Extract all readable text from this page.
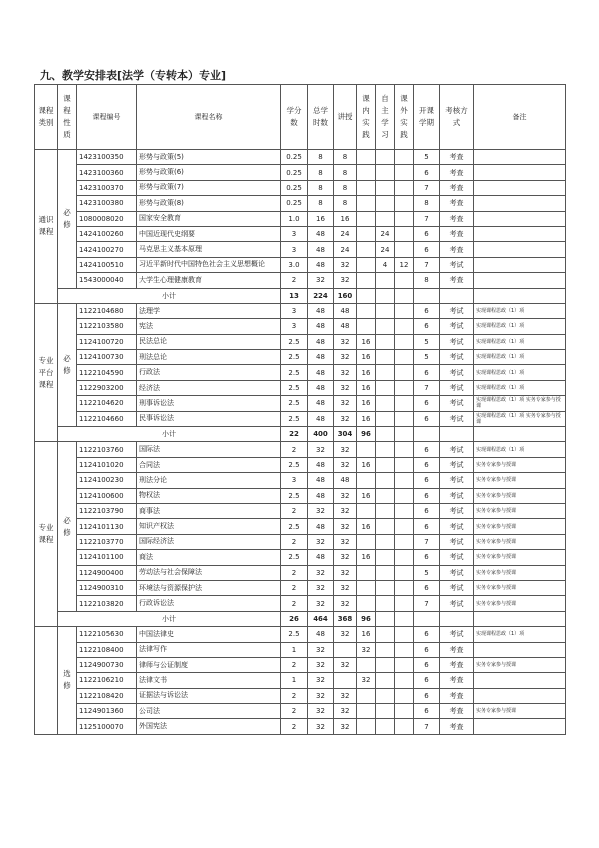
九、教学安排表[法学（专转本）专业]
课程类别	课程性质	课程编号	课程名称	学分数	总学时数	讲授	课内实践	自主学习	课外实践	开课学期	考核方式	备注
通识课程	必修	1423100350	形势与政策(5)	0.25	8	8				5	考查	
		1423100360	形势与政策(6)	0.25	8	8				6	考查	
		1423100370	形势与政策(7)	0.25	8	8				7	考查	
		1423100380	形势与政策(8)	0.25	8	8				8	考查	
		1080008020	国家安全教育	1.0	16	16				7	考查	
		1424100260	中国近现代史纲要	3	48	24		24		6	考查	
		1424100270	马克思主义基本原理	3	48	24		24		6	考查	
		1424100510	习近平新时代中国特色社会主义思想概论	3.0	48	32		4	12	7	考试	
		1543000040	大学生心理健康教育	2	32	32				8	考查	
	小计			13	224	160						
专业平台课程	必修	1122104680	法理学	3	48	48				6	考试	实现课程思政（1）项
		1122103580	宪法	3	48	48				6	考试	实现课程思政（1）项
		1124100720	民法总论	2.5	48	32	16			5	考试	实现课程思政（1）项
		1124100730	刑法总论	2.5	48	32	16			5	考试	实现课程思政（1）项
		1122104590	行政法	2.5	48	32	16			6	考试	实现课程思政（1）项
		1122903200	经济法	2.5	48	32	16			7	考试	实现课程思政（1）项
		1122104620	刑事诉讼法	2.5	48	32	16			6	考试	实现课程思政（1）项 实务专家参与授课
		1122104660	民事诉讼法	2.5	48	32	16			6	考试	实现课程思政（1）项 实务专家参与授课
	小计			22	400	304	96					
专业课程	必修	1122103760	国际法	2	32	32				6	考试	实现课程思政（1）项
		1124101020	合同法	2.5	48	32	16			6	考试	实务专家参与授课
		1124100230	刑法分论	3	48	48				6	考试	实务专家参与授课
		1124100600	物权法	2.5	48	32	16			6	考试	实务专家参与授课
		1122103790	商事法	2	32	32				6	考试	实务专家参与授课
		1124101130	知识产权法	2.5	48	32	16			6	考试	实务专家参与授课
		1122103770	国际经济法	2	32	32				7	考试	实务专家参与授课
		1124101100	商法	2.5	48	32	16			6	考试	实务专家参与授课
		1124900400	劳动法与社会保障法	2	32	32				5	考试	实务专家参与授课
		1124900310	环境法与资源保护法	2	32	32				6	考试	实务专家参与授课
		1122103820	行政诉讼法	2	32	32				7	考试	实务专家参与授课
	小计			26	464	368	96					
	选修	1122105630	中国法律史	2.5	48	32	16			6	考试	实现课程思政（1）项
		1122108400	法律写作	1	32		32			6	考查	
		1124900730	律师与公证制度	2	32	32				6	考查	实务专家参与授课
		1122106210	法律文书	1	32		32			6	考查	
		1122108420	证据法与诉讼法	2	32	32				6	考查	
		1124901360	公司法	2	32	32				6	考查	实务专家参与授课
		1125100070	外国宪法	2	32	32				7	考查	
